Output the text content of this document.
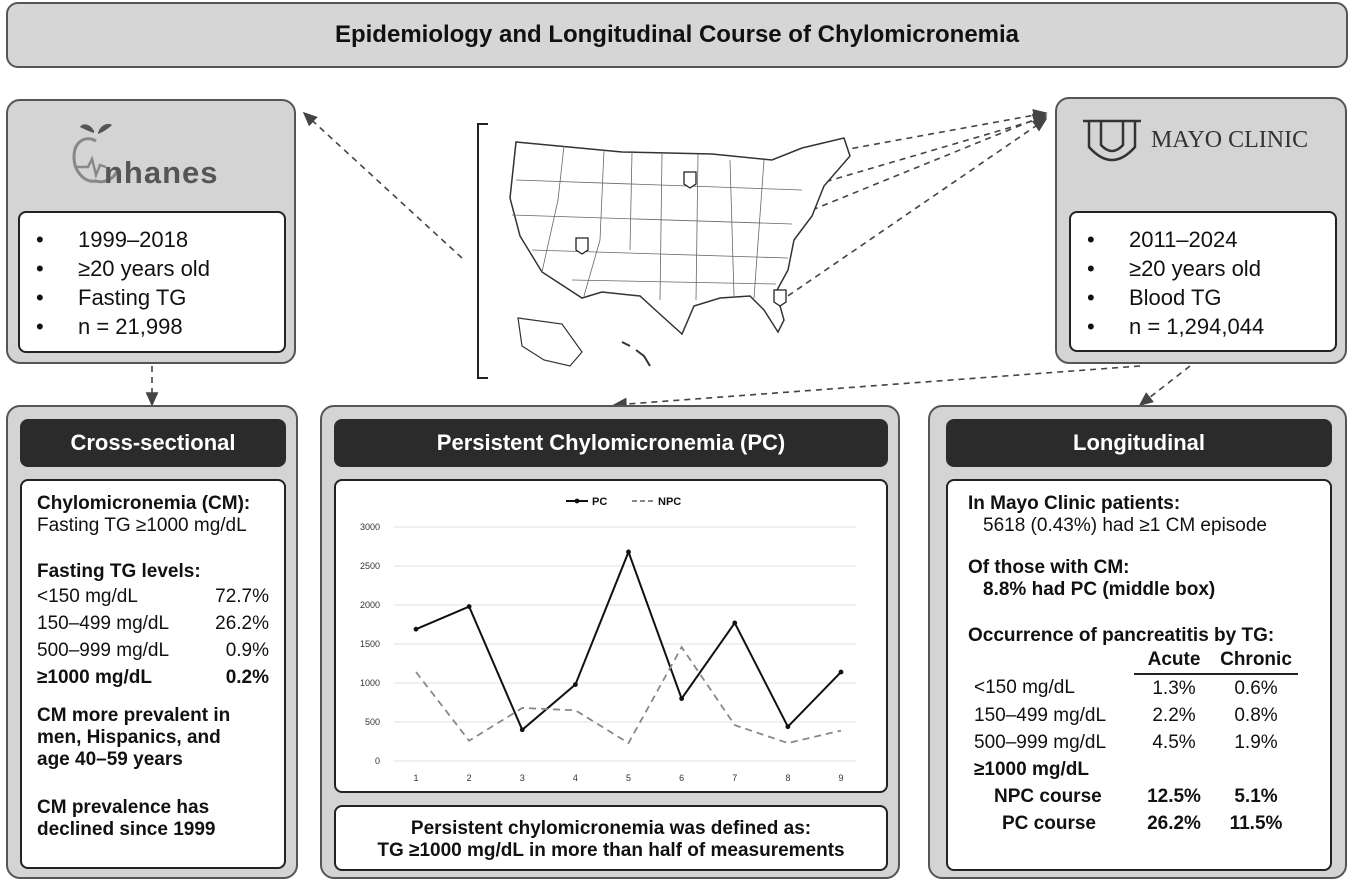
Epidemiology and Longitudinal Course of Chylomicronemia
nhanes
•	1999–2018
•	≥20 years old
•	Fasting TG
•	n = 21,998
MAYO CLINIC
•	2011–2024
•	≥20 years old
•	Blood TG
•	n = 1,294,044
Cross-sectional
Chylomicronemia (CM):
Fasting TG ≥1000 mg/dL
Fasting TG levels:
<150 mg/dL	72.7%
150–499 mg/dL 26.2%
500–999 mg/dL	0.9%
≥1000 mg/dL	0.2%
CM more prevalent in
men, Hispanics, and
age 40–59 years
CM prevalence has
declined since 1999
Persistent Chylomicronemia (PC)
0
500
1000
1500
2000
2500
3000
1	2	3	4	5	6	7	8	9
PC	NPC
Persistent chylomicronemia was defined as:
TG ≥1000 mg/dL in more than half of measurements
Longitudinal
In Mayo Clinic patients:
5618 (0.43%) had ≥1 CM episode
Of those with CM:
8.8% had PC (middle box)
Occurrence of pancreatitis by TG:
	Acute	Chronic
<150 mg/dL	1.3%	0.6%
150–499 mg/dL	2.2%	0.8%
500–999 mg/dL	4.5%	1.9%
≥1000 mg/dL		
NPC course	12.5%	5.1%
PC course	26.2%	11.5%
